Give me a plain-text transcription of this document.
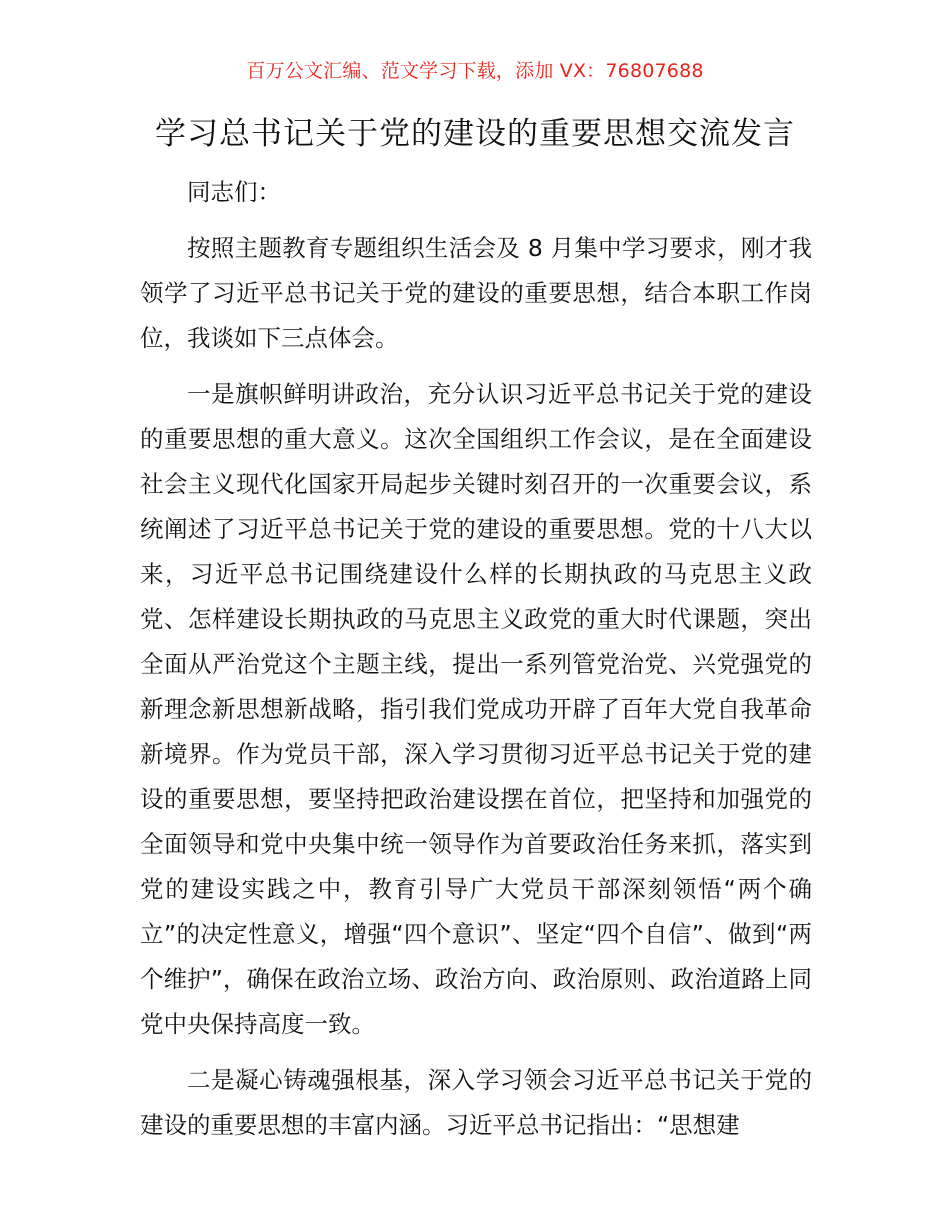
百万公文汇编、范文学习下载，添加 VX：76807688
学习总书记关于党的建设的重要思想交流发言

同志们：

按照主题教育专题组织生活会及 8 月集中学习要求，刚才我领学了习近平总书记关于党的建设的重要思想，结合本职工作岗位，我谈如下三点体会。

一是旗帜鲜明讲政治，充分认识习近平总书记关于党的建设的重要思想的重大意义。这次全国组织工作会议，是在全面建设社会主义现代化国家开局起步关键时刻召开的一次重要会议，系统阐述了习近平总书记关于党的建设的重要思想。党的十八大以来，习近平总书记围绕建设什么样的长期执政的马克思主义政党、怎样建设长期执政的马克思主义政党的重大时代课题，突出全面从严治党这个主题主线，提出一系列管党治党、兴党强党的新理念新思想新战略，指引我们党成功开辟了百年大党自我革命新境界。作为党员干部，深入学习贯彻习近平总书记关于党的建设的重要思想，要坚持把政治建设摆在首位，把坚持和加强党的全面领导和党中央集中统一领导作为首要政治任务来抓，落实到党的建设实践之中，教育引导广大党员干部深刻领悟“两个确立”的决定性意义，增强“四个意识”、坚定“四个自信”、做到“两个维护”，确保在政治立场、政治方向、政治原则、政治道路上同党中央保持高度一致。

二是凝心铸魂强根基，深入学习领会习近平总书记关于党的建设的重要思想的丰富内涵。习近平总书记指出：“思想建
